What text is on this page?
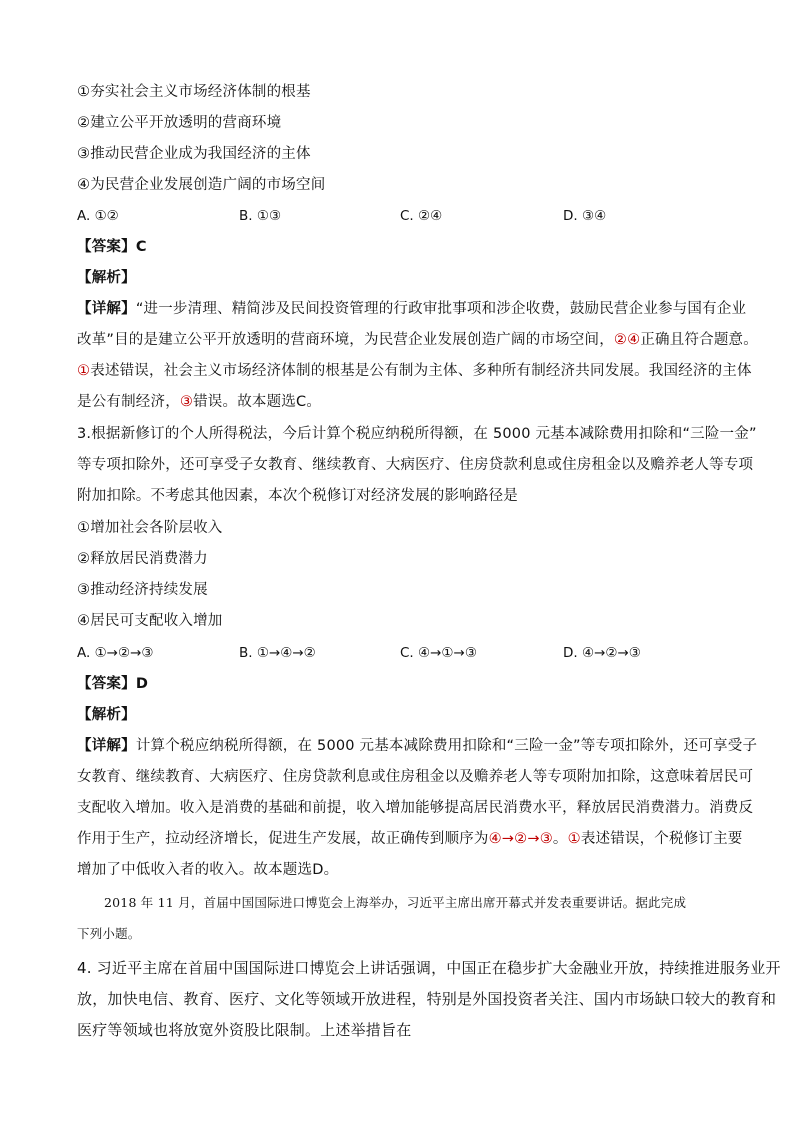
①夯实社会主义市场经济体制的根基
②建立公平开放透明的营商环境
③推动民营企业成为我国经济的主体
④为民营企业发展创造广阔的市场空间
A. ①②	B. ①③	C. ②④	D. ③④
【答案】C
【解析】
【详解】“进一步清理、精简涉及民间投资管理的行政审批事项和涉企收费，鼓励民营企业参与国有企业
改革”目的是建立公平开放透明的营商环境，为民营企业发展创造广阔的市场空间，②④正确且符合题意。
①表述错误，社会主义市场经济体制的根基是公有制为主体、多种所有制经济共同发展。我国经济的主体
是公有制经济，③错误。故本题选C。
3.根据新修订的个人所得税法，今后计算个税应纳税所得额，在 5000 元基本减除费用扣除和“三险一金”
等专项扣除外，还可享受子女教育、继续教育、大病医疗、住房贷款利息或住房租金以及赡养老人等专项
附加扣除。不考虑其他因素，本次个税修订对经济发展的影响路径是
①增加社会各阶层收入
②释放居民消费潜力
③推动经济持续发展
④居民可支配收入增加
A. ①→②→③	B. ①→④→②	C. ④→①→③	D. ④→②→③
【答案】D
【解析】
【详解】计算个税应纳税所得额，在 5000 元基本减除费用扣除和“三险一金”等专项扣除外，还可享受子
女教育、继续教育、大病医疗、住房贷款利息或住房租金以及赡养老人等专项附加扣除，这意味着居民可
支配收入增加。收入是消费的基础和前提，收入增加能够提高居民消费水平，释放居民消费潜力。消费反
作用于生产，拉动经济增长，促进生产发展，故正确传到顺序为④→②→③。①表述错误，个税修订主要
增加了中低收入者的收入。故本题选D。
2018 年 11 月，首届中国国际进口博览会上海举办，习近平主席出席开幕式并发表重要讲话。据此完成
下列小题。
4. 习近平主席在首届中国国际进口博览会上讲话强调，中国正在稳步扩大金融业开放，持续推进服务业开
放，加快电信、教育、医疗、文化等领域开放进程，特别是外国投资者关注、国内市场缺口较大的教育和
医疗等领域也将放宽外资股比限制。上述举措旨在
